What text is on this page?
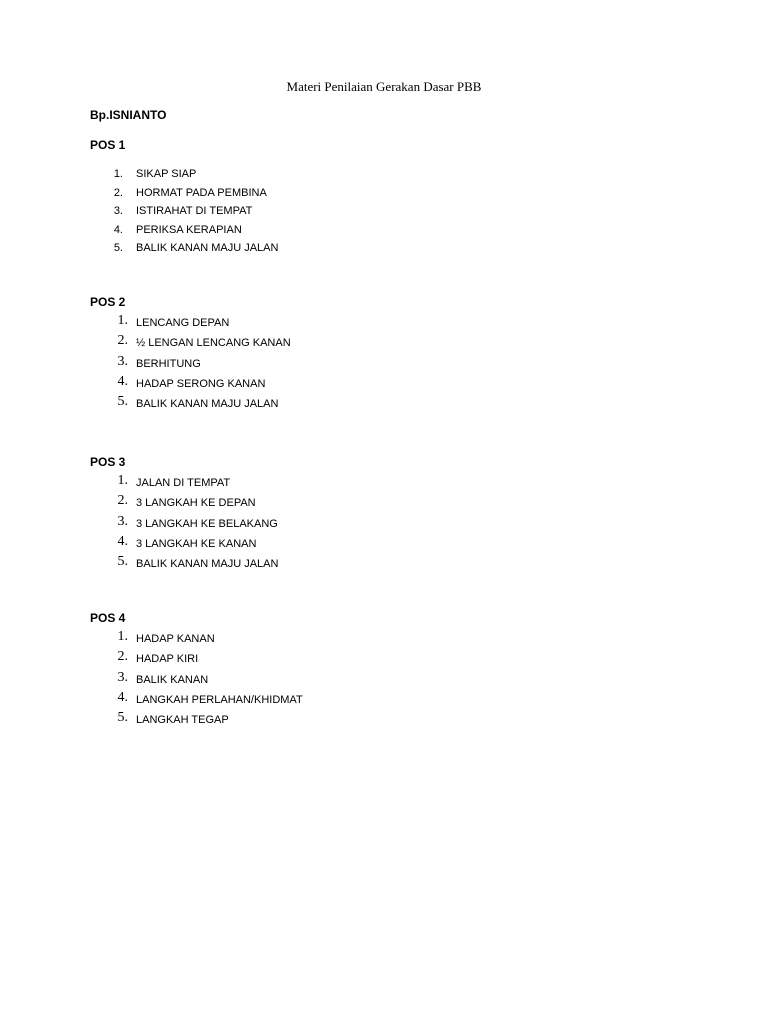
Materi Penilaian Gerakan Dasar PBB
Bp.ISNIANTO
POS 1
1. SIKAP SIAP
2. HORMAT PADA PEMBINA
3. ISTIRAHAT DI TEMPAT
4. PERIKSA KERAPIAN
5. BALIK KANAN MAJU JALAN
POS 2
1. LENCANG DEPAN
2. ½ LENGAN LENCANG KANAN
3. BERHITUNG
4. HADAP SERONG KANAN
5. BALIK KANAN MAJU JALAN
POS 3
1. JALAN DI TEMPAT
2. 3 LANGKAH KE DEPAN
3. 3 LANGKAH KE BELAKANG
4. 3 LANGKAH KE KANAN
5. BALIK KANAN MAJU JALAN
POS 4
1. HADAP KANAN
2. HADAP KIRI
3. BALIK KANAN
4. LANGKAH PERLAHAN/KHIDMAT
5. LANGKAH TEGAP
